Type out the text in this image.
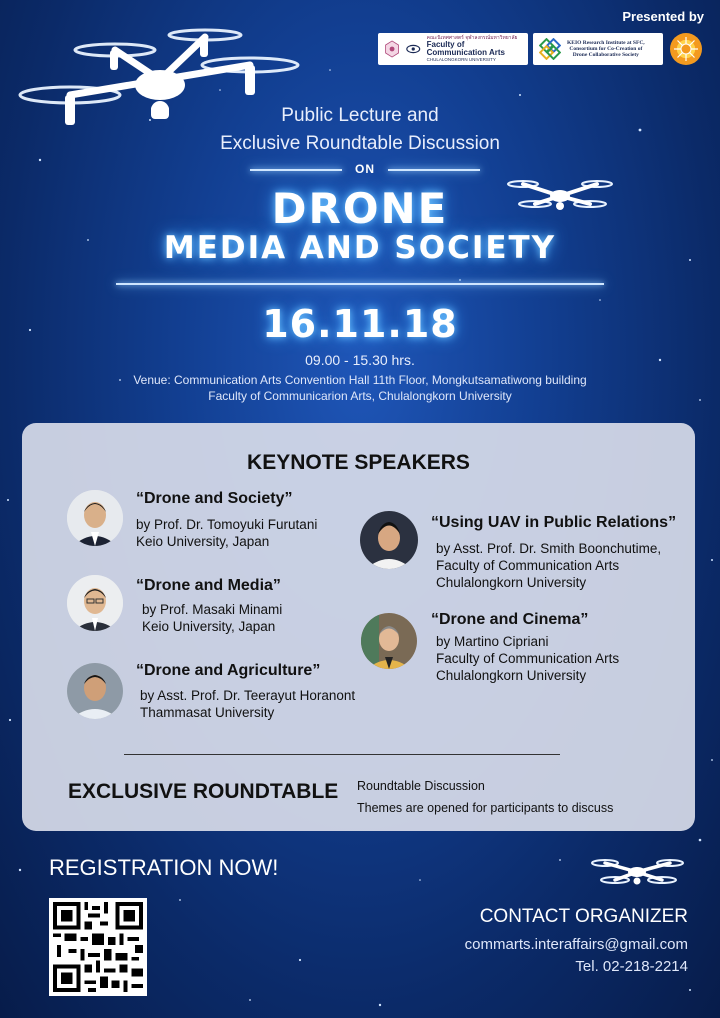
Presented by
คณะนิเทศศาสตร์ จุฬาลงกรณ์มหาวิทยาลัย
Faculty of Communication Arts
CHULALONGKORN UNIVERSITY
KEIO Research Institute at SFC,
Consortium for Co-Creation of
Drone Collaborative Society
Public Lecture and
Exclusive Roundtable Discussion
ON
DRONE
MEDIA AND SOCIETY
16.11.18
09.00 - 15.30 hrs.
Venue: Communication Arts Convention Hall 11th Floor, Mongkutsamatiwong building
Faculty of Communicarion Arts, Chulalongkorn University
KEYNOTE SPEAKERS
“Drone and Society”
by Prof. Dr. Tomoyuki Furutani
Keio University, Japan
“Drone and Media”
by Prof. Masaki Minami
Keio University, Japan
“Drone and Agriculture”
by Asst. Prof. Dr. Teerayut Horanont
Thammasat University
“Using UAV in Public Relations”
by Asst. Prof. Dr. Smith Boonchutime,
Faculty of Communication Arts
Chulalongkorn University
“Drone and Cinema”
by Martino Cipriani
Faculty of Communication Arts
Chulalongkorn University
EXCLUSIVE ROUNDTABLE Roundtable Discussion
Themes are opened for participants to discuss
REGISTRATION NOW!
CONTACT ORGANIZER
commarts.interaffairs@gmail.com
Tel. 02-218-2214
